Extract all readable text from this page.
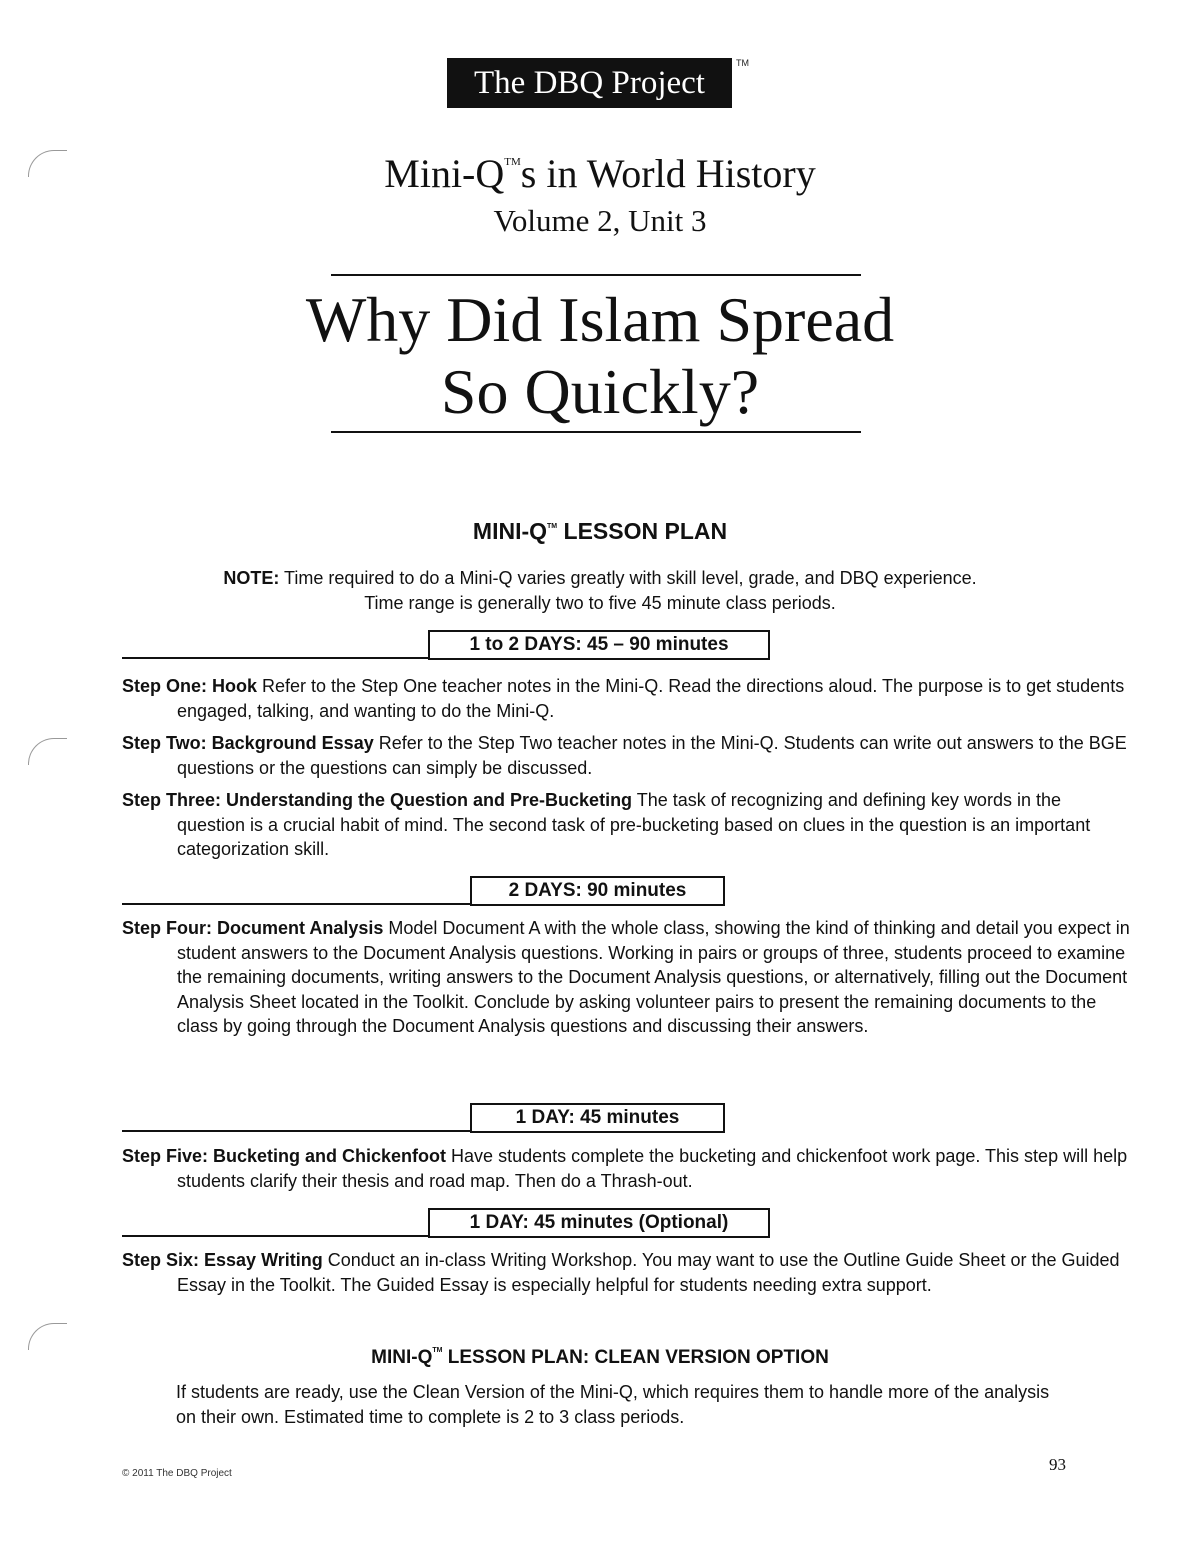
The DBQ Project
TM
Mini-Q™s in World History
Volume 2, Unit 3
Why Did Islam Spread
So Quickly?
MINI-Q™ LESSON PLAN
NOTE: Time required to do a Mini-Q varies greatly with skill level, grade, and DBQ experience.
Time range is generally two to five 45 minute class periods.
1 to 2 DAYS: 45 – 90 minutes
Step One: Hook Refer to the Step One teacher notes in the Mini-Q. Read the directions aloud. The purpose is to get students engaged, talking, and wanting to do the Mini-Q.
Step Two: Background Essay Refer to the Step Two teacher notes in the Mini-Q. Students can write out answers to the BGE questions or the questions can simply be discussed.
Step Three: Understanding the Question and Pre-Bucketing The task of recognizing and defining key words in the question is a crucial habit of mind. The second task of pre-bucketing based on clues in the question is an important categorization skill.
2 DAYS: 90 minutes
Step Four: Document Analysis Model Document A with the whole class, showing the kind of thinking and detail you expect in student answers to the Document Analysis questions. Working in pairs or groups of three, students proceed to examine the remaining documents, writing answers to the Document Analysis questions, or alternatively, filling out the Document Analysis Sheet located in the Toolkit. Conclude by asking volunteer pairs to present the remaining documents to the class by going through the Document Analysis questions and discussing their answers.
1 DAY: 45 minutes
Step Five: Bucketing and Chickenfoot Have students complete the bucketing and chickenfoot work page. This step will help students clarify their thesis and road map. Then do a Thrash-out.
1 DAY: 45 minutes (Optional)
Step Six: Essay Writing Conduct an in-class Writing Workshop. You may want to use the Outline Guide Sheet or the Guided Essay in the Toolkit. The Guided Essay is especially helpful for students needing extra support.
MINI-Q™ LESSON PLAN: CLEAN VERSION OPTION
If students are ready, use the Clean Version of the Mini-Q, which requires them to handle more of the analysis on their own. Estimated time to complete is 2 to 3 class periods.
© 2011 The DBQ Project	93
